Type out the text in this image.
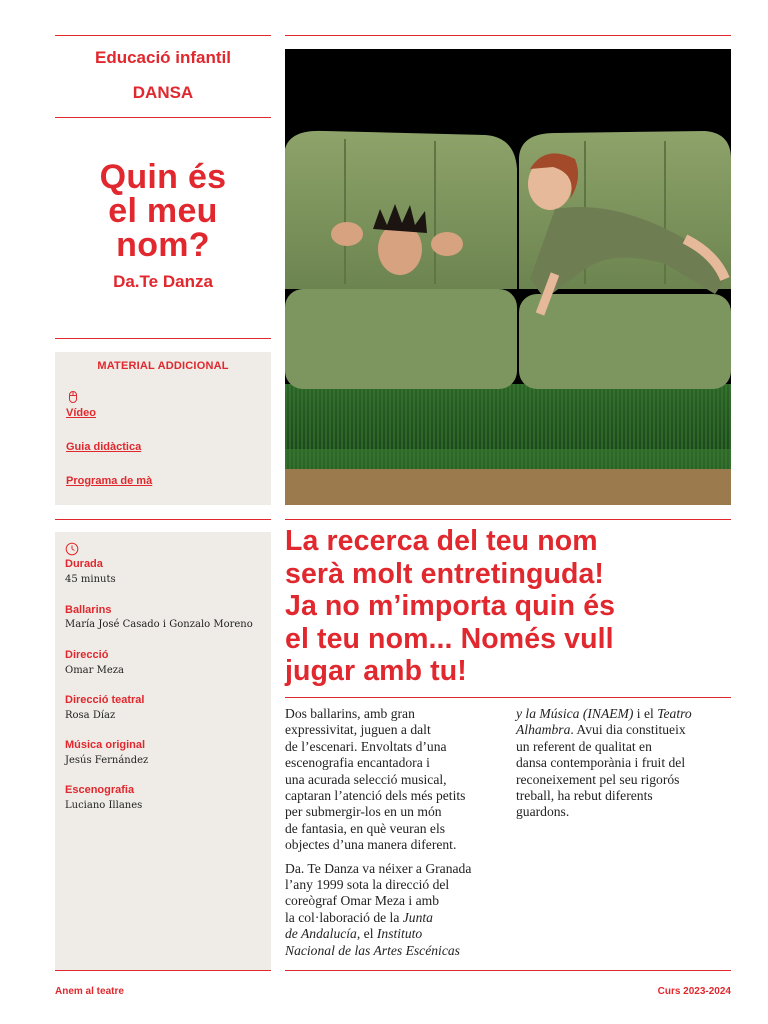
Educació infantil
DANSA
Quin és
el meu
nom?
Da.Te Danza
MATERIAL ADDICIONAL
Vídeo
Guia didàctica
Programa de mà
Durada
45 minuts
Ballarins
María José Casado i Gonzalo Moreno
Direcció
Omar Meza
Direcció teatral
Rosa Díaz
Música original
Jesús Fernández
Escenografia
Luciano Illanes
La recerca del teu nom
serà molt entretinguda!
Ja no m’importa quin és
el teu nom... Només vull
jugar amb tu!

Dos ballarins, amb gran
expressivitat, juguen a dalt
de l’escenari. Envoltats d’una
escenografia encantadora i
una acurada selecció musical,
captaran l’atenció dels més petits
per submergir-los en un món
de fantasia, en què veuran els
objectes d’una manera diferent.

Da. Te Danza va néixer a Granada
l’any 1999 sota la direcció del
coreògraf Omar Meza i amb
la col·laboració de la Junta
de Andalucía, el Instituto
Nacional de las Artes Escénicas

y la Música (INAEM) i el Teatro
Alhambra. Avui dia constitueix
un referent de qualitat en
dansa contemporània i fruit del
reconeixement pel seu rigorós
treball, ha rebut diferents
guardons.

Anem al teatre	Curs 2023-2024
